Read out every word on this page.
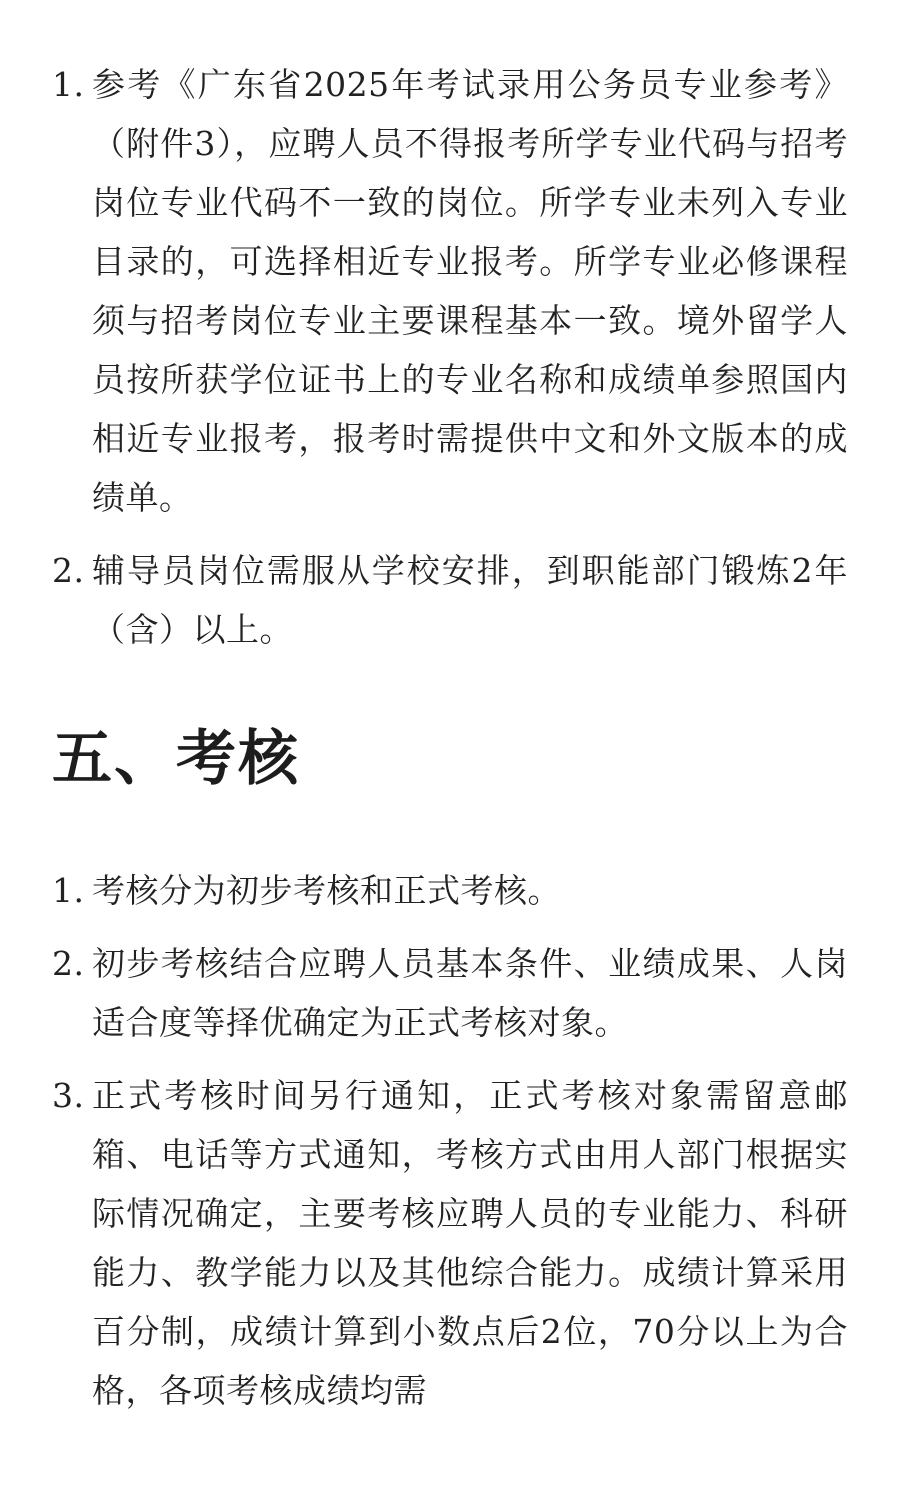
1. 参考《广东省2025年考试录用公务员专业参考》（附件3），应聘人员不得报考所学专业代码与招考岗位专业代码不一致的岗位。所学专业未列入专业目录的，可选择相近专业报考。所学专业必修课程须与招考岗位专业主要课程基本一致。境外留学人员按所获学位证书上的专业名称和成绩单参照国内相近专业报考，报考时需提供中文和外文版本的成绩单。
2. 辅导员岗位需服从学校安排，到职能部门锻炼2年（含）以上。
五、考核
1. 考核分为初步考核和正式考核。
2. 初步考核结合应聘人员基本条件、业绩成果、人岗适合度等择优确定为正式考核对象。
3. 正式考核时间另行通知，正式考核对象需留意邮箱、电话等方式通知，考核方式由用人部门根据实际情况确定，主要考核应聘人员的专业能力、科研能力、教学能力以及其他综合能力。成绩计算采用百分制，成绩计算到小数点后2位，70分以上为合格，各项考核成绩均需
